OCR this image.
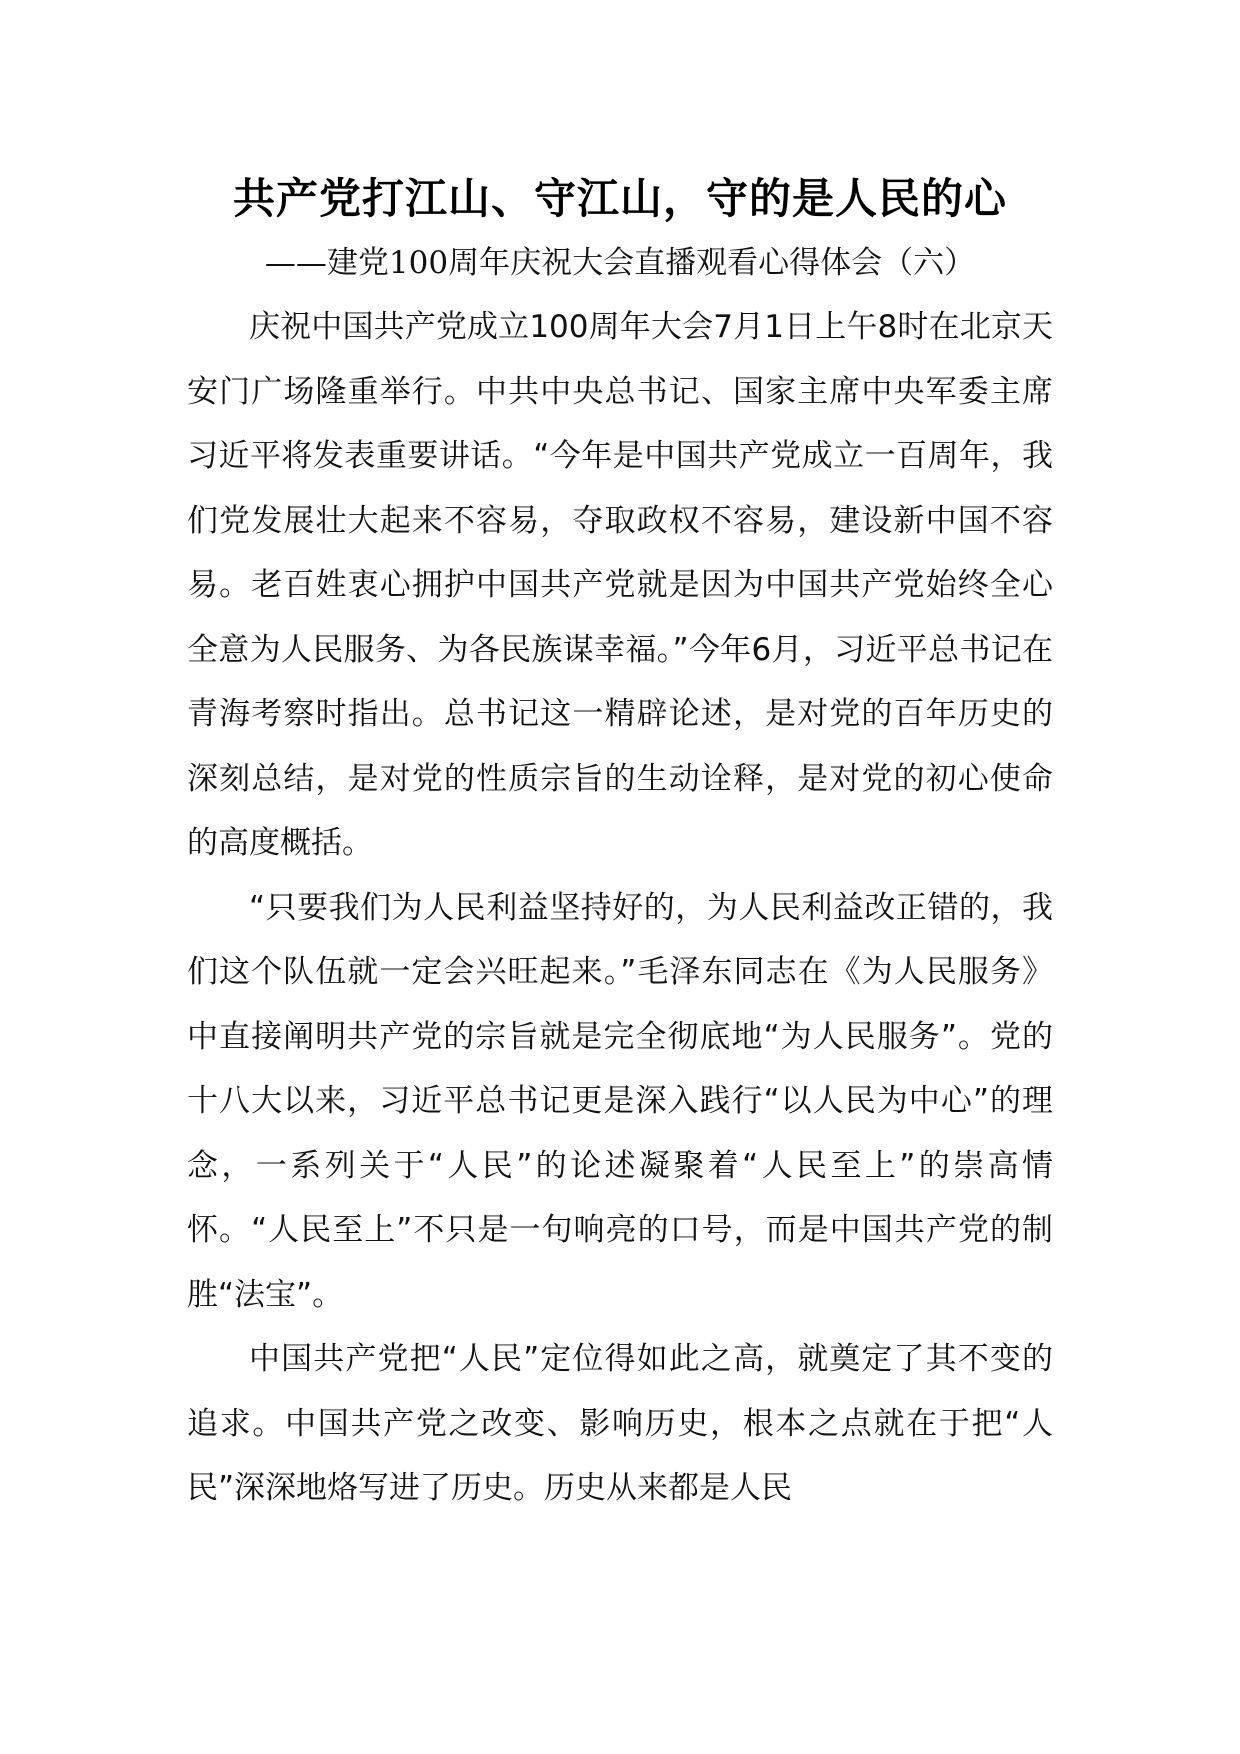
共产党打江山、守江山，守的是人民的心

——建党100周年庆祝大会直播观看心得体会（六）

庆祝中国共产党成立100周年大会7月1日上午8时在北京天安门广场隆重举行。中共中央总书记、国家主席中央军委主席习近平将发表重要讲话。“今年是中国共产党成立一百周年，我们党发展壮大起来不容易，夺取政权不容易，建设新中国不容易。老百姓衷心拥护中国共产党就是因为中国共产党始终全心全意为人民服务、为各民族谋幸福。”今年6月，习近平总书记在青海考察时指出。总书记这一精辟论述，是对党的百年历史的深刻总结，是对党的性质宗旨的生动诠释，是对党的初心使命的高度概括。

“只要我们为人民利益坚持好的，为人民利益改正错的，我们这个队伍就一定会兴旺起来。”毛泽东同志在《为人民服务》中直接阐明共产党的宗旨就是完全彻底地“为人民服务”。党的十八大以来，习近平总书记更是深入践行“以人民为中心”的理念，一系列关于“人民”的论述凝聚着“人民至上”的崇高情怀。“人民至上”不只是一句响亮的口号，而是中国共产党的制胜“法宝”。

中国共产党把“人民”定位得如此之高，就奠定了其不变的追求。中国共产党之改变、影响历史，根本之点就在于把“人民”深深地烙写进了历史。历史从来都是人民
